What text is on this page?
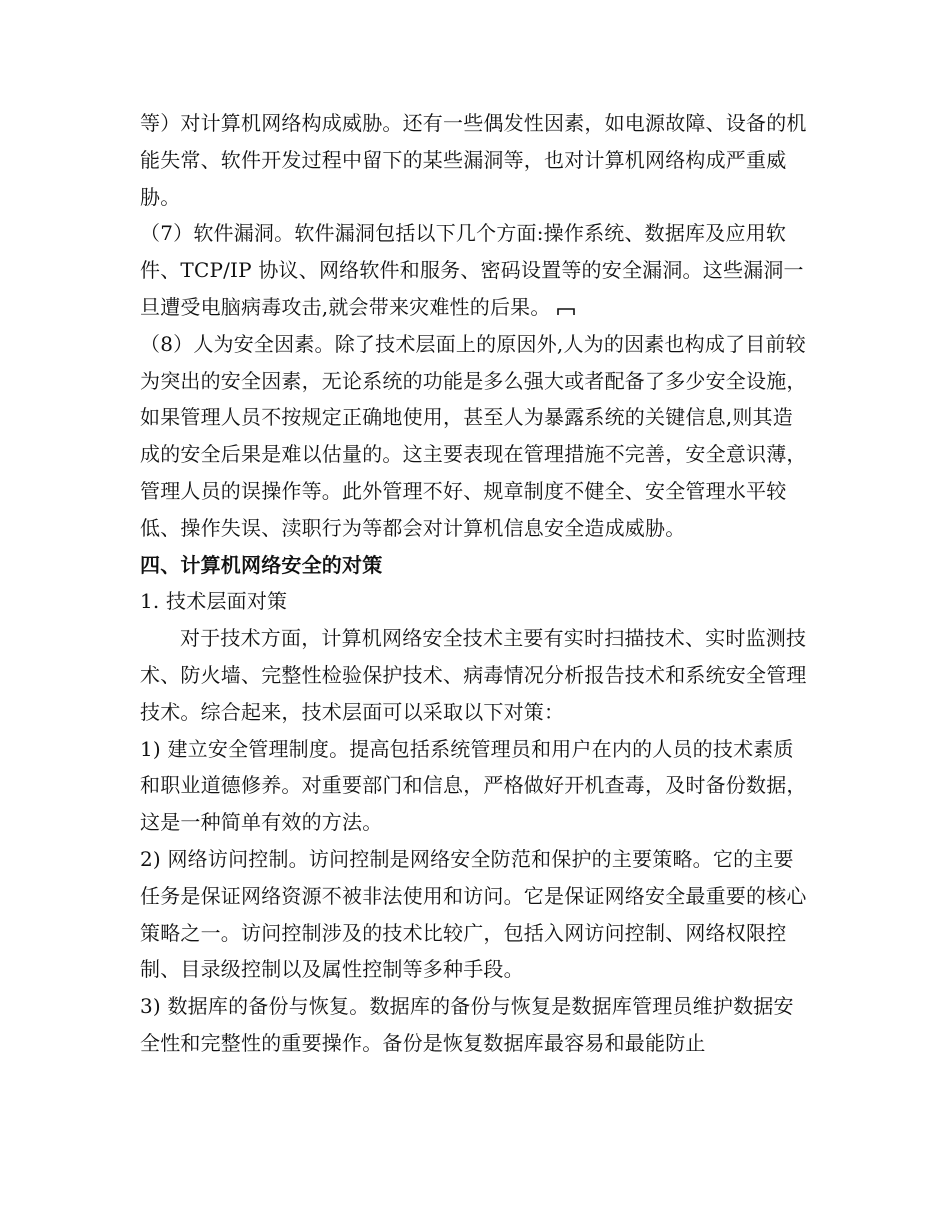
等）对计算机网络构成威胁。还有一些偶发性因素，如电源故障、设备的机能失常、软件开发过程中留下的某些漏洞等，也对计算机网络构成严重威胁。

（7）软件漏洞。软件漏洞包括以下几个方面:操作系统、数据库及应用软件、TCP/IP 协议、网络软件和服务、密码设置等的安全漏洞。这些漏洞一旦遭受电脑病毒攻击,就会带来灾难性的后果。

（8）人为安全因素。除了技术层面上的原因外,人为的因素也构成了目前较为突出的安全因素，无论系统的功能是多么强大或者配备了多少安全设施，如果管理人员不按规定正确地使用，甚至人为暴露系统的关键信息,则其造成的安全后果是难以估量的。这主要表现在管理措施不完善，安全意识薄，管理人员的误操作等。此外管理不好、规章制度不健全、安全管理水平较低、操作失误、渎职行为等都会对计算机信息安全造成威胁。

四、计算机网络安全的对策

1. 技术层面对策

对于技术方面，计算机网络安全技术主要有实时扫描技术、实时监测技术、防火墙、完整性检验保护技术、病毒情况分析报告技术和系统安全管理技术。综合起来，技术层面可以采取以下对策：

1) 建立安全管理制度。提高包括系统管理员和用户在内的人员的技术素质和职业道德修养。对重要部门和信息，严格做好开机查毒，及时备份数据，这是一种简单有效的方法。

2) 网络访问控制。访问控制是网络安全防范和保护的主要策略。它的主要任务是保证网络资源不被非法使用和访问。它是保证网络安全最重要的核心策略之一。访问控制涉及的技术比较广，包括入网访问控制、网络权限控制、目录级控制以及属性控制等多种手段。

3) 数据库的备份与恢复。数据库的备份与恢复是数据库管理员维护数据安全性和完整性的重要操作。备份是恢复数据库最容易和最能防止
